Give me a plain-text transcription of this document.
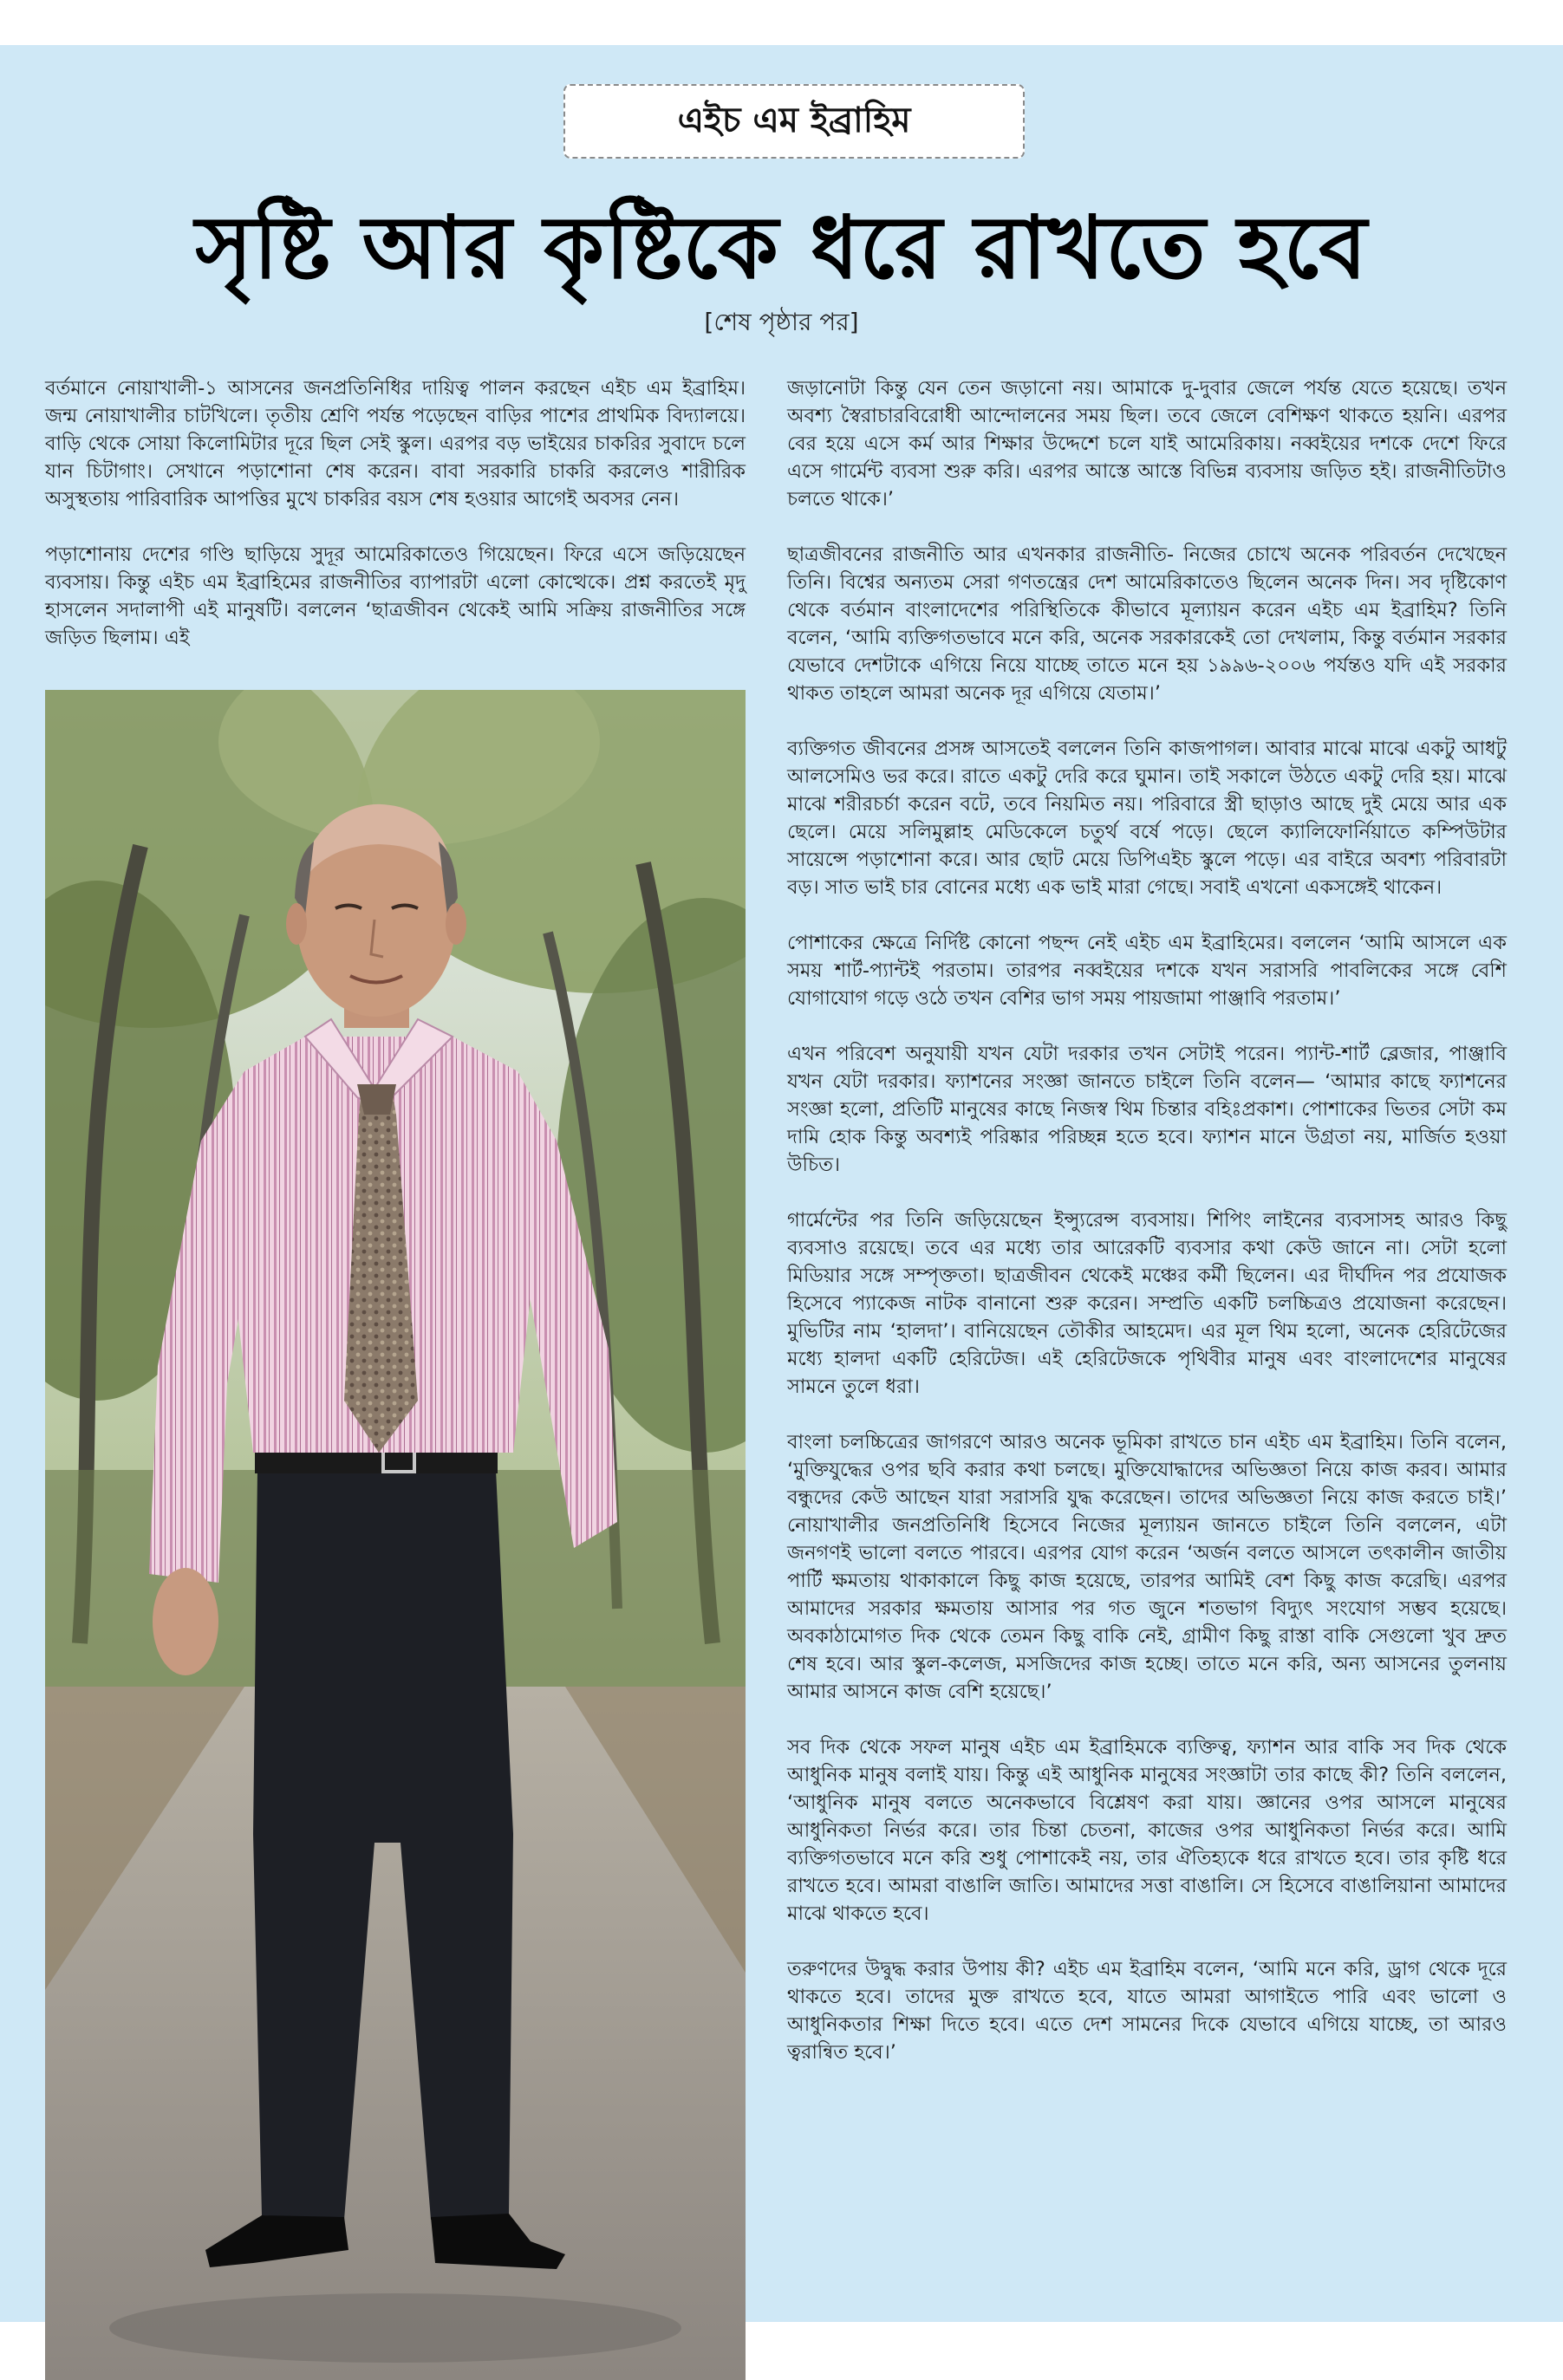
এইচ এম ইব্রাহিম
সৃষ্টি আর কৃষ্টিকে ধরে রাখতে হবে
[শেষ পৃষ্ঠার পর]

বর্তমানে নোয়াখালী-১ আসনের জনপ্রতিনিধির দায়িত্ব পালন করছেন এইচ এম ইব্রাহিম। জন্ম নোয়াখালীর চাটখিলে। তৃতীয় শ্রেণি পর্যন্ত পড়েছেন বাড়ির পাশের প্রাথমিক বিদ্যালয়ে। বাড়ি থেকে সোয়া কিলোমিটার দূরে ছিল সেই স্কুল। এরপর বড় ভাইয়ের চাকরির সুবাদে চলে যান চিটাগাং। সেখানে পড়াশোনা শেষ করেন। বাবা সরকারি চাকরি করলেও শারীরিক অসুস্থতায় পারিবারিক আপত্তির মুখে চাকরির বয়স শেষ হওয়ার আগেই অবসর নেন।

পড়াশোনায় দেশের গণ্ডি ছাড়িয়ে সুদূর আমেরিকাতেও গিয়েছেন। ফিরে এসে জড়িয়েছেন ব্যবসায়। কিন্তু এইচ এম ইব্রাহিমের রাজনীতির ব্যাপারটা এলো কোত্থেকে। প্রশ্ন করতেই মৃদু হাসলেন সদালাপী এই মানুষটি। বললেন ‘ছাত্রজীবন থেকেই আমি সক্রিয় রাজনীতির সঙ্গে জড়িত ছিলাম। এই

জড়ানোটা কিন্তু যেন তেন জড়ানো নয়। আমাকে দু-দুবার জেলে পর্যন্ত যেতে হয়েছে। তখন অবশ্য স্বৈরাচারবিরোধী আন্দোলনের সময় ছিল। তবে জেলে বেশিক্ষণ থাকতে হয়নি। এরপর বের হয়ে এসে কর্ম আর শিক্ষার উদ্দেশে চলে যাই আমেরিকায়। নব্বইয়ের দশকে দেশে ফিরে এসে গার্মেন্ট ব্যবসা শুরু করি। এরপর আস্তে আস্তে বিভিন্ন ব্যবসায় জড়িত হই। রাজনীতিটাও চলতে থাকে।’

ছাত্রজীবনের রাজনীতি আর এখনকার রাজনীতি- নিজের চোখে অনেক পরিবর্তন দেখেছেন তিনি। বিশ্বের অন্যতম সেরা গণতন্ত্রের দেশ আমেরিকাতেও ছিলেন অনেক দিন। সব দৃষ্টিকোণ থেকে বর্তমান বাংলাদেশের পরিস্থিতিকে কীভাবে মূল্যায়ন করেন এইচ এম ইব্রাহিম? তিনি বলেন, ‘আমি ব্যক্তিগতভাবে মনে করি, অনেক সরকারকেই তো দেখলাম, কিন্তু বর্তমান সরকার যেভাবে দেশটাকে এগিয়ে নিয়ে যাচ্ছে তাতে মনে হয় ১৯৯৬-২০০৬ পর্যন্তও যদি এই সরকার থাকত তাহলে আমরা অনেক দূর এগিয়ে যেতাম।’

ব্যক্তিগত জীবনের প্রসঙ্গ আসতেই বললেন তিনি কাজপাগল। আবার মাঝে মাঝে একটু আধটু আলসেমিও ভর করে। রাতে একটু দেরি করে ঘুমান। তাই সকালে উঠতে একটু দেরি হয়। মাঝে মাঝে শরীরচর্চা করেন বটে, তবে নিয়মিত নয়। পরিবারে স্ত্রী ছাড়াও আছে দুই মেয়ে আর এক ছেলে। মেয়ে সলিমুল্লাহ মেডিকেলে চতুর্থ বর্ষে পড়ে। ছেলে ক্যালিফোর্নিয়াতে কম্পিউটার সায়েন্সে পড়াশোনা করে। আর ছোট মেয়ে ডিপিএইচ স্কুলে পড়ে। এর বাইরে অবশ্য পরিবারটা বড়। সাত ভাই চার বোনের মধ্যে এক ভাই মারা গেছে। সবাই এখনো একসঙ্গেই থাকেন।

পোশাকের ক্ষেত্রে নির্দিষ্ট কোনো পছন্দ নেই এইচ এম ইব্রাহিমের। বললেন ‘আমি আসলে এক সময় শার্ট-প্যান্টই পরতাম। তারপর নব্বইয়ের দশকে যখন সরাসরি পাবলিকের সঙ্গে বেশি যোগাযোগ গড়ে ওঠে তখন বেশির ভাগ সময় পায়জামা পাঞ্জাবি পরতাম।’

এখন পরিবেশ অনুযায়ী যখন যেটা দরকার তখন সেটাই পরেন। প্যান্ট-শার্ট ব্লেজার, পাঞ্জাবি যখন যেটা দরকার। ফ্যাশনের সংজ্ঞা জানতে চাইলে তিনি বলেন— ‘আমার কাছে ফ্যাশনের সংজ্ঞা হলো, প্রতিটি মানুষের কাছে নিজস্ব থিম চিন্তার বহিঃপ্রকাশ। পোশাকের ভিতর সেটা কম দামি হোক কিন্তু অবশ্যই পরিষ্কার পরিচ্ছন্ন হতে হবে। ফ্যাশন মানে উগ্রতা নয়, মার্জিত হওয়া উচিত।

গার্মেন্টের পর তিনি জড়িয়েছেন ইন্স্যুরেন্স ব্যবসায়। শিপিং লাইনের ব্যবসাসহ আরও কিছু ব্যবসাও রয়েছে। তবে এর মধ্যে তার আরেকটি ব্যবসার কথা কেউ জানে না। সেটা হলো মিডিয়ার সঙ্গে সম্পৃক্ততা। ছাত্রজীবন থেকেই মঞ্চের কর্মী ছিলেন। এর দীর্ঘদিন পর প্রযোজক হিসেবে প্যাকেজ নাটক বানানো শুরু করেন। সম্প্রতি একটি চলচ্চিত্রও প্রযোজনা করেছেন। মুভিটির নাম ‘হালদা’। বানিয়েছেন তৌকীর আহমেদ। এর মূল থিম হলো, অনেক হেরিটেজের মধ্যে হালদা একটি হেরিটেজ। এই হেরিটেজকে পৃথিবীর মানুষ এবং বাংলাদেশের মানুষের সামনে তুলে ধরা।

বাংলা চলচ্চিত্রের জাগরণে আরও অনেক ভূমিকা রাখতে চান এইচ এম ইব্রাহিম। তিনি বলেন, ‘মুক্তিযুদ্ধের ওপর ছবি করার কথা চলছে। মুক্তিযোদ্ধাদের অভিজ্ঞতা নিয়ে কাজ করব। আমার বন্ধুদের কেউ আছেন যারা সরাসরি যুদ্ধ করেছেন। তাদের অভিজ্ঞতা নিয়ে কাজ করতে চাই।’ নোয়াখালীর জনপ্রতিনিধি হিসেবে নিজের মূল্যায়ন জানতে চাইলে তিনি বললেন, এটা জনগণই ভালো বলতে পারবে। এরপর যোগ করেন ‘অর্জন বলতে আসলে তৎকালীন জাতীয় পার্টি ক্ষমতায় থাকাকালে কিছু কাজ হয়েছে, তারপর আমিই বেশ কিছু কাজ করেছি। এরপর আমাদের সরকার ক্ষমতায় আসার পর গত জুনে শতভাগ বিদ্যুৎ সংযোগ সম্ভব হয়েছে। অবকাঠামোগত দিক থেকে তেমন কিছু বাকি নেই, গ্রামীণ কিছু রাস্তা বাকি সেগুলো খুব দ্রুত শেষ হবে। আর স্কুল-কলেজ, মসজিদের কাজ হচ্ছে। তাতে মনে করি, অন্য আসনের তুলনায় আমার আসনে কাজ বেশি হয়েছে।’

সব দিক থেকে সফল মানুষ এইচ এম ইব্রাহিমকে ব্যক্তিত্ব, ফ্যাশন আর বাকি সব দিক থেকে আধুনিক মানুষ বলাই যায়। কিন্তু এই আধুনিক মানুষের সংজ্ঞাটা তার কাছে কী? তিনি বললেন, ‘আধুনিক মানুষ বলতে অনেকভাবে বিশ্লেষণ করা যায়। জ্ঞানের ওপর আসলে মানুষের আধুনিকতা নির্ভর করে। তার চিন্তা চেতনা, কাজের ওপর আধুনিকতা নির্ভর করে। আমি ব্যক্তিগতভাবে মনে করি শুধু পোশাকেই নয়, তার ঐতিহ্যকে ধরে রাখতে হবে। তার কৃষ্টি ধরে রাখতে হবে। আমরা বাঙালি জাতি। আমাদের সত্তা বাঙালি। সে হিসেবে বাঙালিয়ানা আমাদের মাঝে থাকতে হবে।

তরুণদের উদ্বুদ্ধ করার উপায় কী? এইচ এম ইব্রাহিম বলেন, ‘আমি মনে করি, ড্রাগ থেকে দূরে থাকতে হবে। তাদের মুক্ত রাখতে হবে, যাতে আমরা আগাইতে পারি এবং ভালো ও আধুনিকতার শিক্ষা দিতে হবে। এতে দেশ সামনের দিকে যেভাবে এগিয়ে যাচ্ছে, তা আরও ত্বরান্বিত হবে।’
